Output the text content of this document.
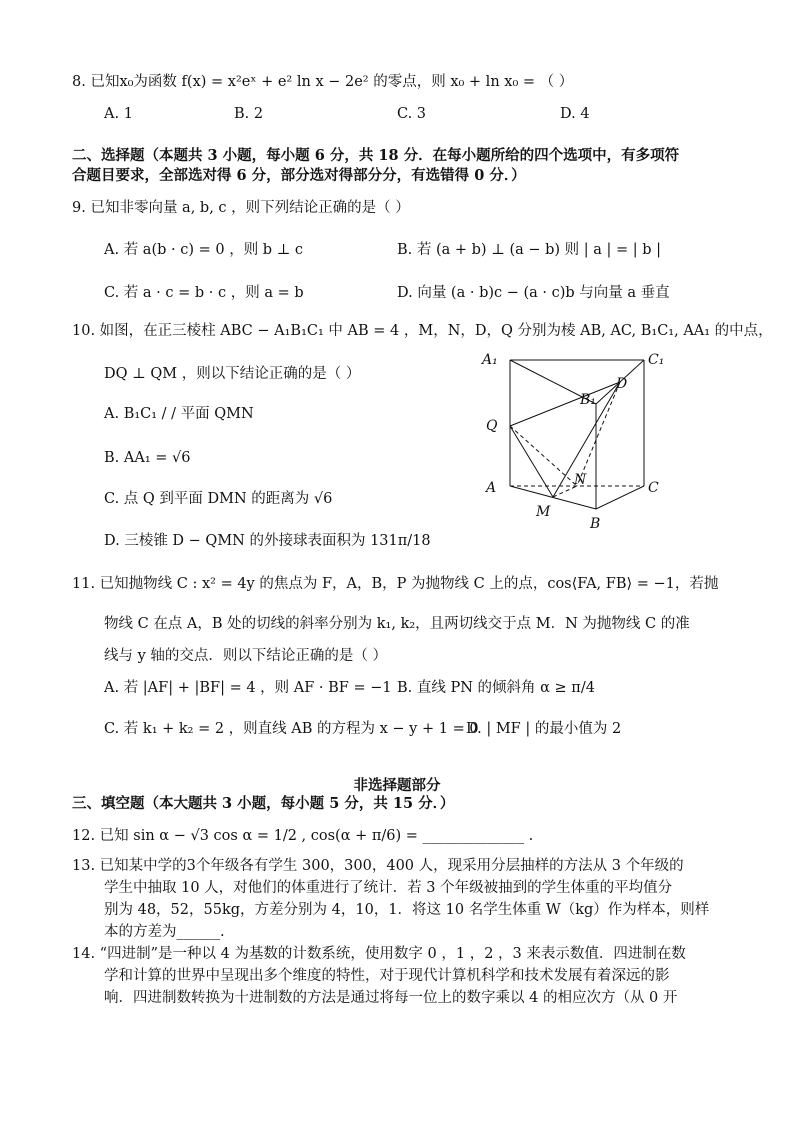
8. 已知x₀为函数 f(x) = x²eˣ + e² ln x − 2e² 的零点，则 x₀ + ln x₀ = （ ）
A. 1	B. 2	C. 3	D. 4
二、选择题（本题共 3 小题，每小题 6 分，共 18 分．在每小题所给的四个选项中，有多项符
合题目要求，全部选对得 6 分，部分选对得部分分，有选错得 0 分．）
9. 已知非零向量 a, b, c ，则下列结论正确的是（ ）
A. 若 a(b · c) = 0 ，则 b ⊥ c	B. 若 (a + b) ⊥ (a − b) 则 | a | = | b |
C. 若 a · c = b · c ，则 a = b	D. 向量 (a · b)c − (a · c)b 与向量 a 垂直
10. 如图，在正三棱柱 ABC − A₁B₁C₁ 中 AB = 4 ，M，N，D，Q 分别为棱 AB, AC, B₁C₁, AA₁ 的中点，
DQ ⊥ QM ，则以下结论正确的是（ ）
A. B₁C₁ / / 平面 QMN
B. AA₁ = √6
C. 点 Q 到平面 DMN 的距离为 √6
D. 三棱锥 D − QMN 的外接球表面积为 131π/18
A₁	C₁
D
B₁
Q
N
A	C
M
B
11. 已知抛物线 C : x² = 4y 的焦点为 F，A，B，P 为抛物线 C 上的点，cos⟨FA, FB⟩ = −1，若抛
物线 C 在点 A，B 处的切线的斜率分别为 k₁, k₂，且两切线交于点 M．N 为抛物线 C 的准
线与 y 轴的交点．则以下结论正确的是（ ）
A. 若 |AF| + |BF| = 4 ，则 AF · BF = −1 B. 直线 PN 的倾斜角 α ≥ π/4
C. 若 k₁ + k₂ = 2 ，则直线 AB 的方程为 x − y + 1 = 0
D. | MF | 的最小值为 2
非选择题部分
三、填空题（本大题共 3 小题，每小题 5 分，共 15 分．）
12. 已知 sin α − √3 cos α = 1/2 , cos(α + π/6) = ______________ .
13. 已知某中学的3个年级各有学生 300，300，400 人，现采用分层抽样的方法从 3 个年级的
学生中抽取 10 人，对他们的体重进行了统计．若 3 个年级被抽到的学生体重的平均值分
别为 48，52，55kg，方差分别为 4，10，1．将这 10 名学生体重 W（kg）作为样本，则样
本的方差为______.
14. “四进制”是一种以 4 为基数的计数系统，使用数字 0 ，1 ，2 ，3 来表示数值．四进制在数
学和计算的世界中呈现出多个维度的特性，对于现代计算机科学和技术发展有着深远的影
响．四进制数转换为十进制数的方法是通过将每一位上的数字乘以 4 的相应次方（从 0 开
